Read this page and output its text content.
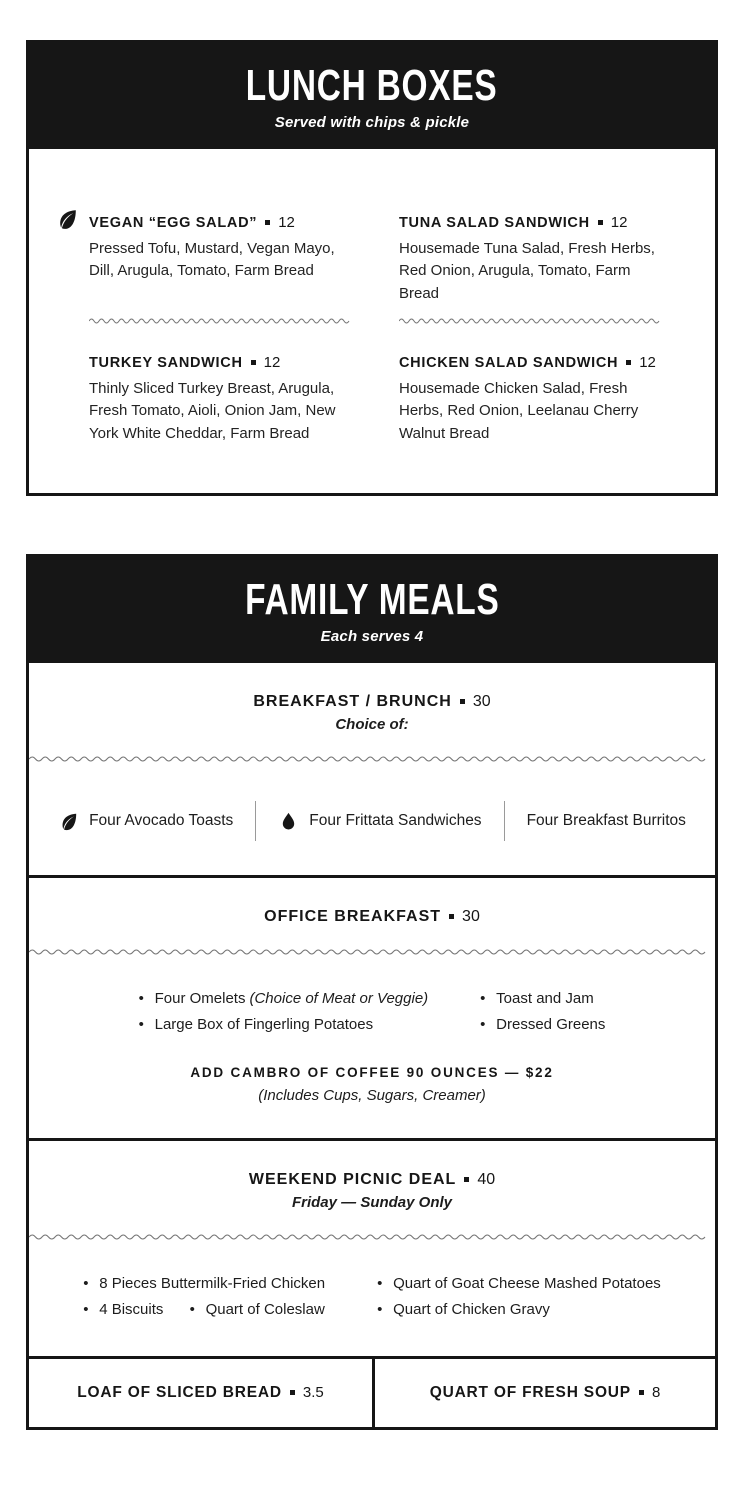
LUNCH BOXES
Served with chips & pickle
VEGAN “EGG SALAD” 12
Pressed Tofu, Mustard, Vegan Mayo, Dill, Arugula, Tomato, Farm Bread
TUNA SALAD SANDWICH 12
Housemade Tuna Salad, Fresh Herbs, Red Onion, Arugula, Tomato, Farm Bread
TURKEY SANDWICH 12
Thinly Sliced Turkey Breast, Arugula, Fresh Tomato, Aioli, Onion Jam, New York White Cheddar, Farm Bread
CHICKEN SALAD SANDWICH 12
Housemade Chicken Salad, Fresh Herbs, Red Onion, Leelanau Cherry Walnut Bread
FAMILY MEALS
Each serves 4
BREAKFAST / BRUNCH 30
Choice of:
Four Avocado Toasts	Four Frittata Sandwiches	Four Breakfast Burritos
OFFICE BREAKFAST 30
• Four Omelets (Choice of Meat or Veggie)
• Large Box of Fingerling Potatoes
• Toast and Jam
• Dressed Greens
ADD CAMBRO OF COFFEE 90 OUNCES — $22
(Includes Cups, Sugars, Creamer)
WEEKEND PICNIC DEAL 40
Friday — Sunday Only
• 8 Pieces Buttermilk-Fried Chicken
• 4 Biscuits	• Quart of Coleslaw
• Quart of Goat Cheese Mashed Potatoes
• Quart of Chicken Gravy
LOAF OF SLICED BREAD 3.5	QUART OF FRESH SOUP 8
